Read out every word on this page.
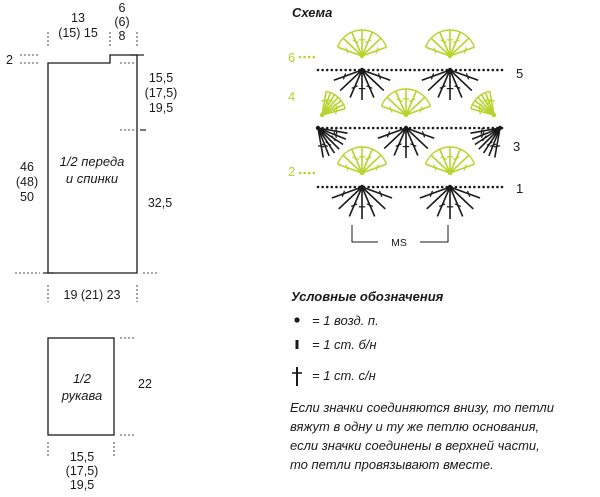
13
(15) 15
6
(6)
8
2
15,5
(17,5)
19,5
46
(48)
50
1/2 переда
и спинки
32,5
19 (21) 23
1/2
рукава
22
15,5
(17,5)
19,5
Схема
6
4
2
5
3
1
MS
Условные обозначения
= 1 возд. п.
= 1 ст. б/н
= 1 ст. с/н
Если значки соединяются внизу, то петли
вяжут в одну и ту же петлю основания,
если значки соединены в верхней части,
то петли провязывают вместе.
